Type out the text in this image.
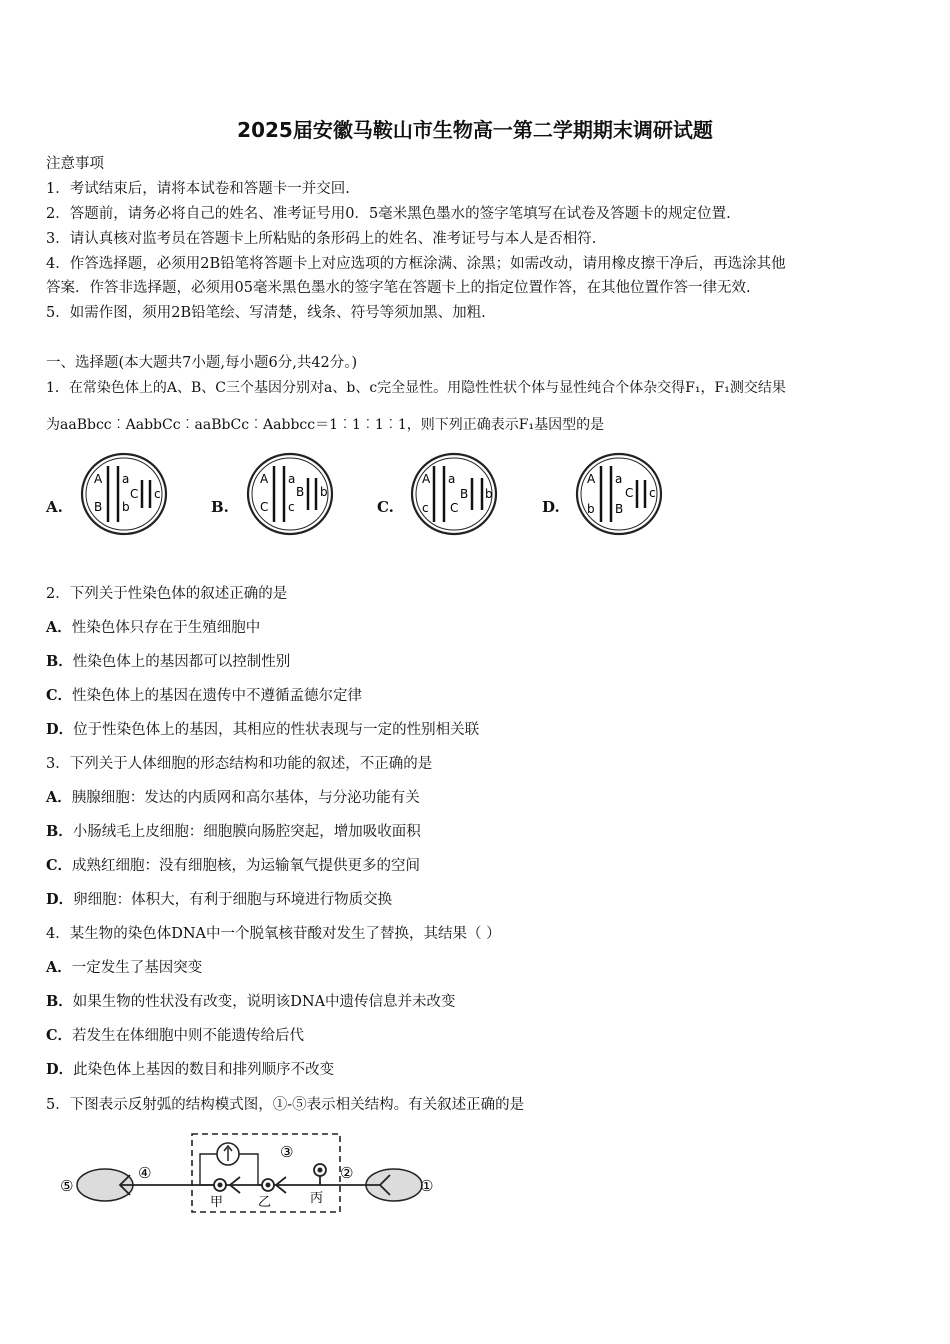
2025届安徽马鞍山市生物高一第二学期期末调研试题
注意事项
1．考试结束后，请将本试卷和答题卡一并交回.
2．答题前，请务必将自己的姓名、准考证号用0．5毫米黑色墨水的签字笔填写在试卷及答题卡的规定位置.
3．请认真核对监考员在答题卡上所粘贴的条形码上的姓名、准考证号与本人是否相符.
4．作答选择题，必须用2B铅笔将答题卡上对应选项的方框涂满、涂黑；如需改动，请用橡皮擦干净后，再选涂其他
答案．作答非选择题，必须用05毫米黑色墨水的签字笔在答题卡上的指定位置作答，在其他位置作答一律无效.
5．如需作图，须用2B铅笔绘、写清楚，线条、符号等须加黑、加粗.
一、选择题(本大题共7小题,每小题6分,共42分。)
1．在常染色体上的A、B、C三个基因分别对a、b、c完全显性。用隐性性状个体与显性纯合个体杂交得F₁，F₁测交结果
为aaBbcc︰AabbCc︰aaBbCc︰Aabbcc＝1︰1︰1︰1，则下列正确表示F₁基因型的是
A.
A a
B b
C c
B.
A a
C c
B b
C.
A a
c C
B b
D.
A a
b B
C c
2．下列关于性染色体的叙述正确的是
A．性染色体只存在于生殖细胞中
B．性染色体上的基因都可以控制性别
C．性染色体上的基因在遗传中不遵循孟德尔定律
D．位于性染色体上的基因，其相应的性状表现与一定的性别相关联
3．下列关于人体细胞的形态结构和功能的叙述，不正确的是
A．胰腺细胞：发达的内质网和高尔基体，与分泌功能有关
B．小肠绒毛上皮细胞：细胞膜向肠腔突起，增加吸收面积
C．成熟红细胞：没有细胞核，为运输氧气提供更多的空间
D．卵细胞：体积大，有利于细胞与环境进行物质交换
4．某生物的染色体DNA中一个脱氧核苷酸对发生了替换，其结果（ ）
A．一定发生了基因突变
B．如果生物的性状没有改变，说明该DNA中遗传信息并未改变
C．若发生在体细胞中则不能遗传给后代
D．此染色体上基因的数目和排列顺序不改变
5．下图表示反射弧的结构模式图，①-⑤表示相关结构。有关叙述正确的是
⑤
④
③
②
①
甲	乙	丙
